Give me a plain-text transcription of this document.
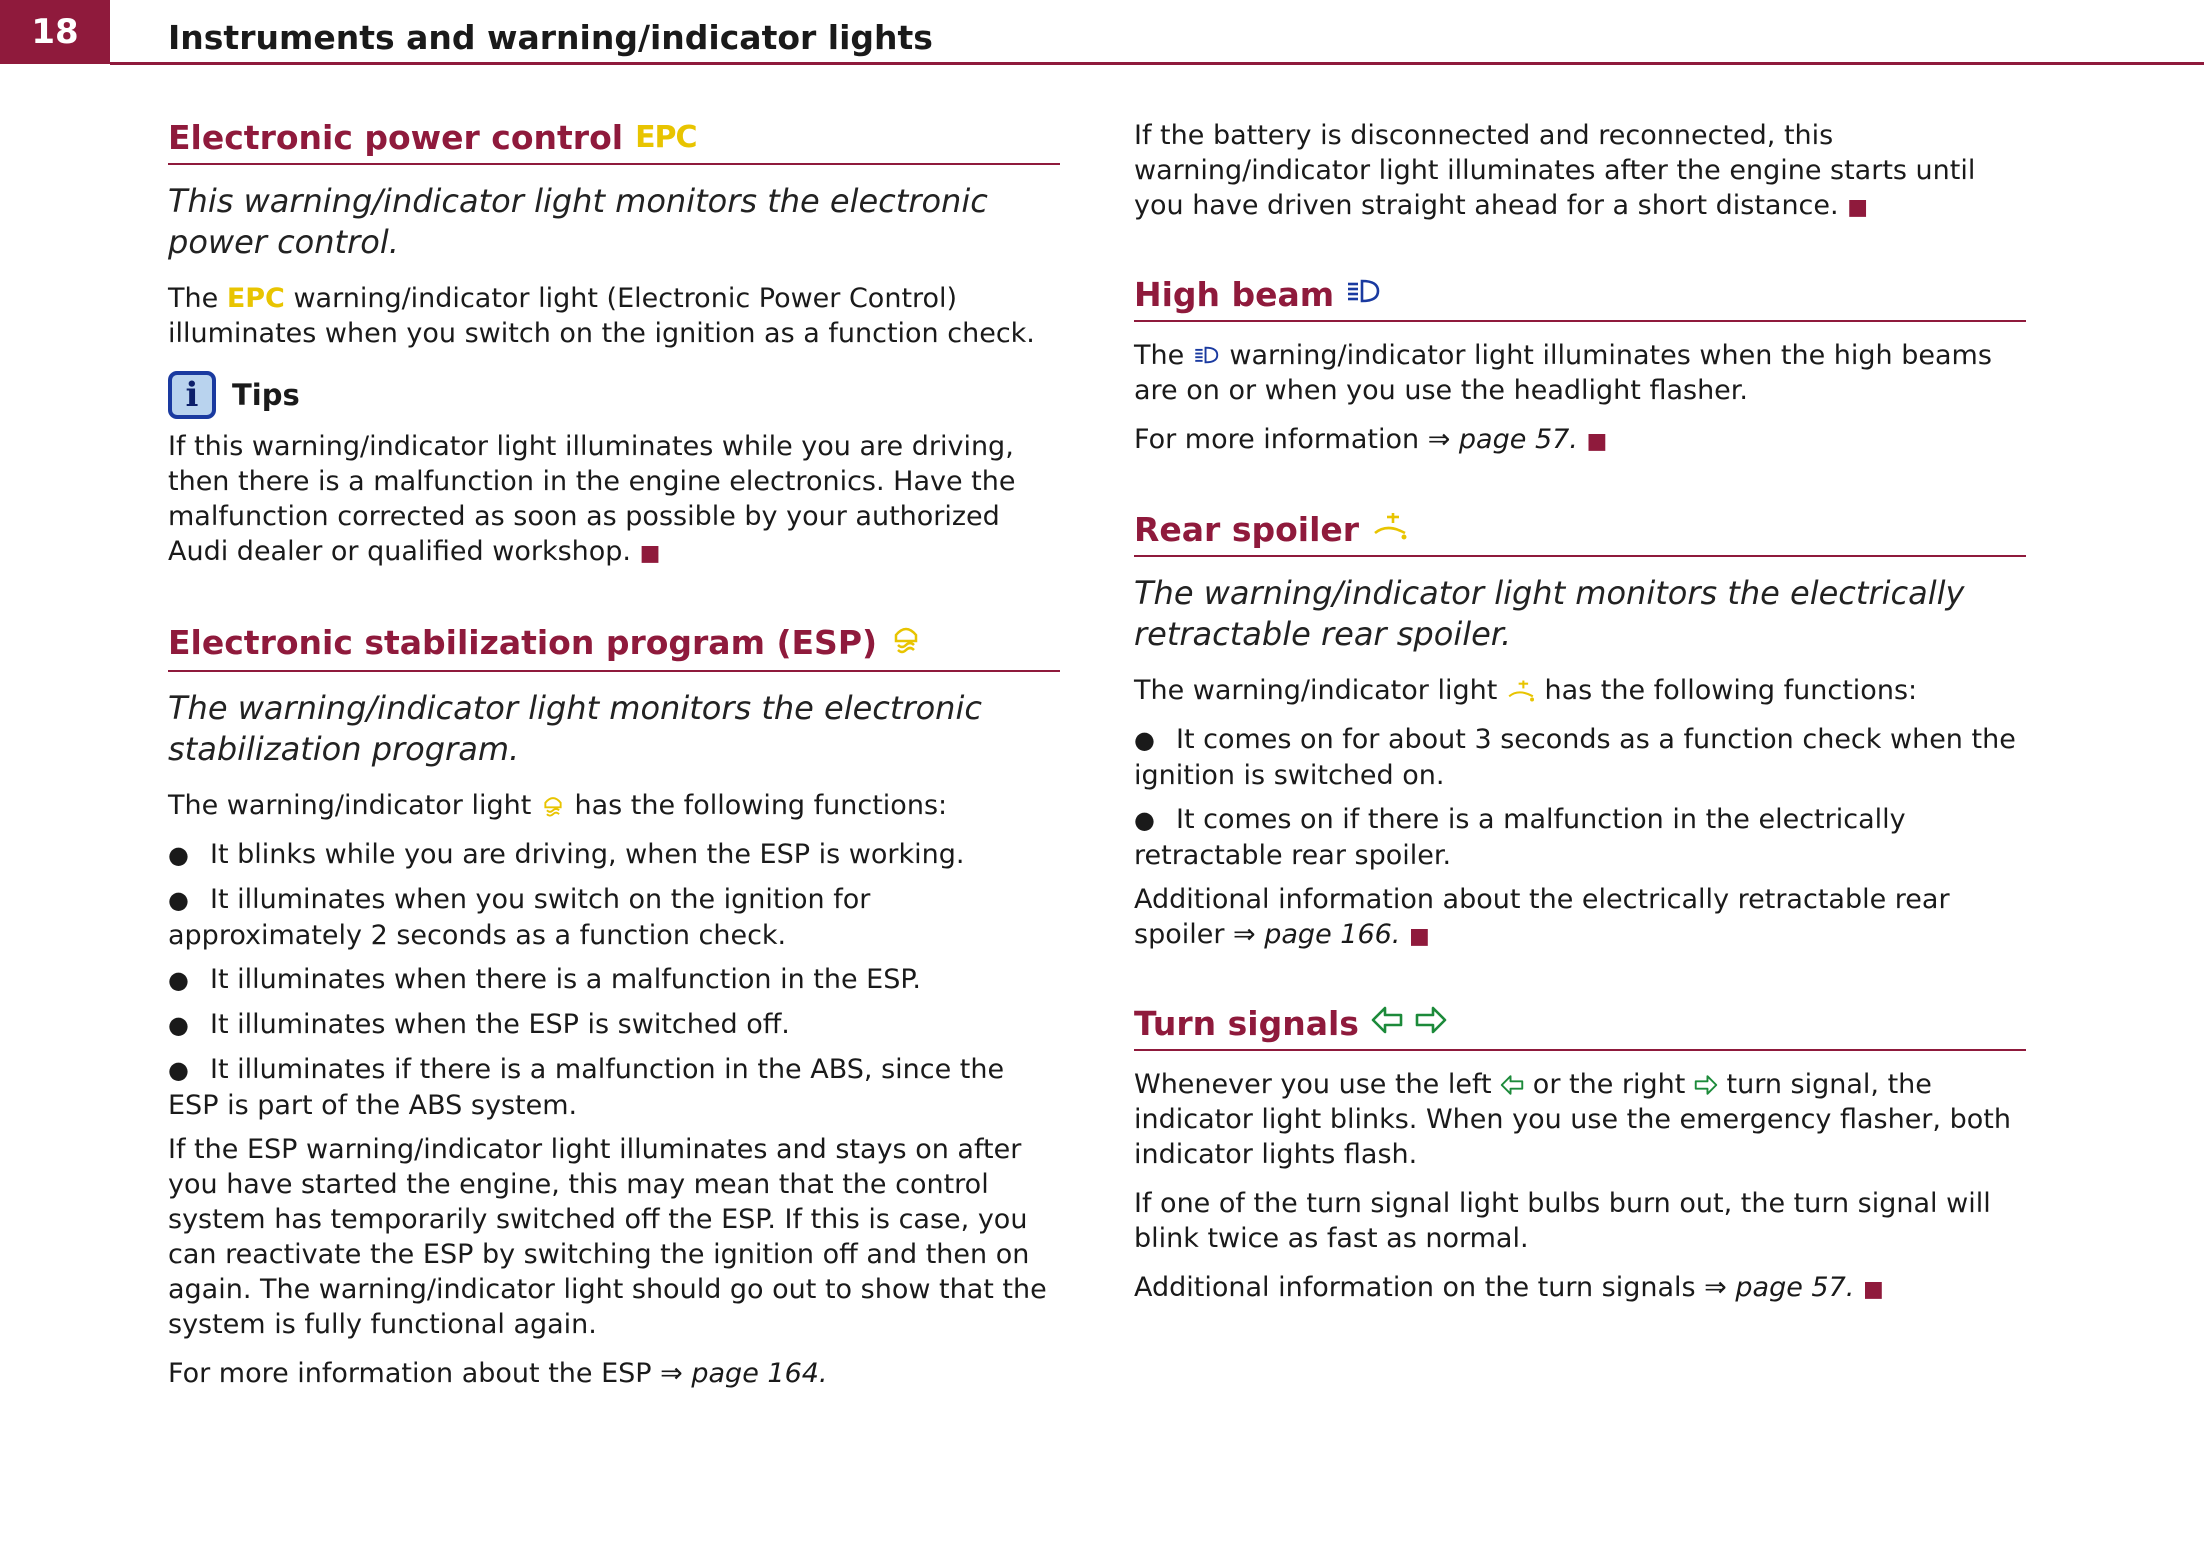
18	Instruments and warning/indicator lights
Electronic power control EPC

This warning/indicator light monitors the electronic power control.

The EPC warning/indicator light (Electronic Power Control) illuminates when you switch on the ignition as a function check.

i	Tips

If this warning/indicator light illuminates while you are driving, then there is a malfunction in the engine electronics. Have the malfunction corrected as soon as possible by your authorized Audi dealer or qualified workshop. ■

Electronic stabilization program (ESP)

The warning/indicator light monitors the electronic stabilization program.

The warning/indicator light has the following functions:

● It blinks while you are driving, when the ESP is working.

● It illuminates when you switch on the ignition for approximately 2 seconds as a function check.

● It illuminates when there is a malfunction in the ESP.

● It illuminates when the ESP is switched off.

● It illuminates if there is a malfunction in the ABS, since the ESP is part of the ABS system.

If the ESP warning/indicator light illuminates and stays on after you have started the engine, this may mean that the control system has temporarily switched off the ESP. If this is case, you can reactivate the ESP by switching the ignition off and then on again. The warning/indicator light should go out to show that the system is fully functional again.

For more information about the ESP ⇒ page 164.

If the battery is disconnected and reconnected, this warning/indicator light illuminates after the engine starts until you have driven straight ahead for a short distance. ■

High beam

The warning/indicator light illuminates when the high beams are on or when you use the headlight flasher.

For more information ⇒ page 57. ■

Rear spoiler

The warning/indicator light monitors the electrically retractable rear spoiler.

The warning/indicator light has the following functions:

● It comes on for about 3 seconds as a function check when the ignition is switched on.

● It comes on if there is a malfunction in the electrically retractable rear spoiler.

Additional information about the electrically retractable rear spoiler ⇒ page 166. ■

Turn signals

Whenever you use the left or the right turn signal, the indicator light blinks. When you use the emergency flasher, both indicator lights flash.

If one of the turn signal light bulbs burn out, the turn signal will blink twice as fast as normal.

Additional information on the turn signals ⇒ page 57. ■
